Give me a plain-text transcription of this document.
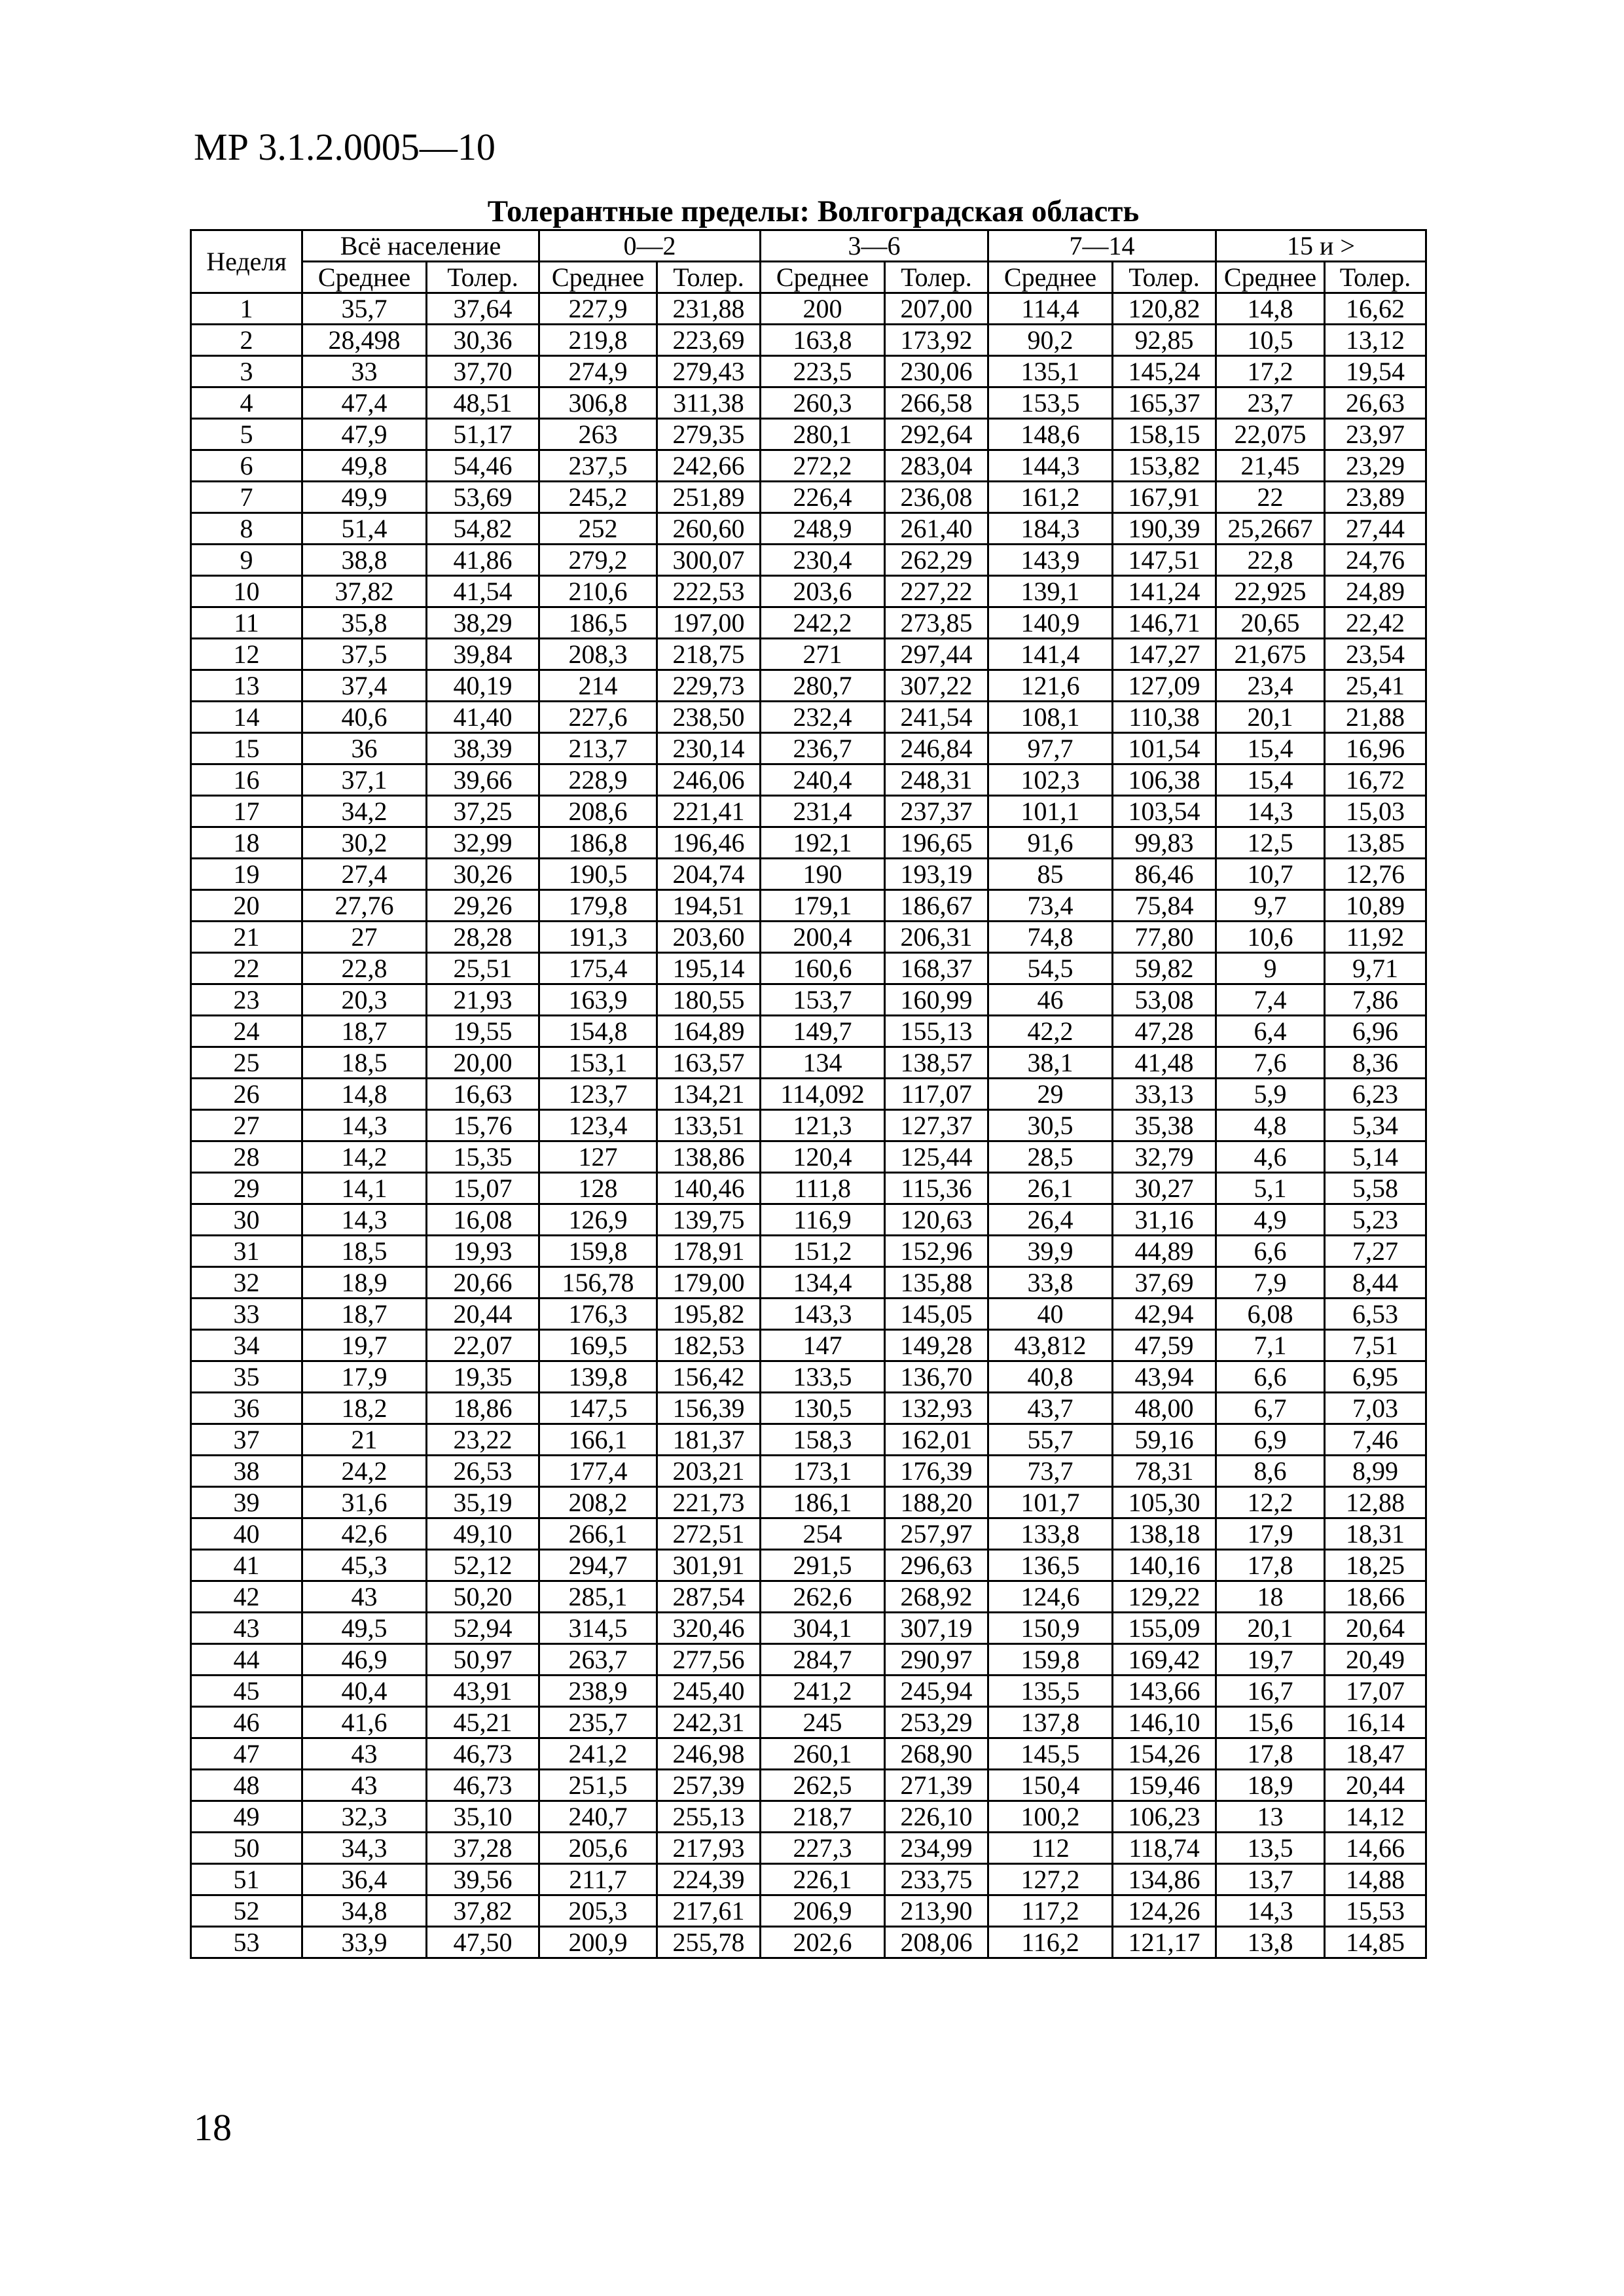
МР 3.1.2.0005—10
Толерантные пределы: Волгоградская область
Неделя	Всё население		0—2		3—6		7—14		15 и >	
	Среднее	Толер.	Среднее	Толер.	Среднее	Толер.	Среднее	Толер.	Среднее	Толер.
1	35,7	37,64	227,9	231,88	200	207,00	114,4	120,82	14,8	16,62
2	28,498	30,36	219,8	223,69	163,8	173,92	90,2	92,85	10,5	13,12
3	33	37,70	274,9	279,43	223,5	230,06	135,1	145,24	17,2	19,54
4	47,4	48,51	306,8	311,38	260,3	266,58	153,5	165,37	23,7	26,63
5	47,9	51,17	263	279,35	280,1	292,64	148,6	158,15	22,075	23,97
6	49,8	54,46	237,5	242,66	272,2	283,04	144,3	153,82	21,45	23,29
7	49,9	53,69	245,2	251,89	226,4	236,08	161,2	167,91	22	23,89
8	51,4	54,82	252	260,60	248,9	261,40	184,3	190,39	25,2667	27,44
9	38,8	41,86	279,2	300,07	230,4	262,29	143,9	147,51	22,8	24,76
10	37,82	41,54	210,6	222,53	203,6	227,22	139,1	141,24	22,925	24,89
11	35,8	38,29	186,5	197,00	242,2	273,85	140,9	146,71	20,65	22,42
12	37,5	39,84	208,3	218,75	271	297,44	141,4	147,27	21,675	23,54
13	37,4	40,19	214	229,73	280,7	307,22	121,6	127,09	23,4	25,41
14	40,6	41,40	227,6	238,50	232,4	241,54	108,1	110,38	20,1	21,88
15	36	38,39	213,7	230,14	236,7	246,84	97,7	101,54	15,4	16,96
16	37,1	39,66	228,9	246,06	240,4	248,31	102,3	106,38	15,4	16,72
17	34,2	37,25	208,6	221,41	231,4	237,37	101,1	103,54	14,3	15,03
18	30,2	32,99	186,8	196,46	192,1	196,65	91,6	99,83	12,5	13,85
19	27,4	30,26	190,5	204,74	190	193,19	85	86,46	10,7	12,76
20	27,76	29,26	179,8	194,51	179,1	186,67	73,4	75,84	9,7	10,89
21	27	28,28	191,3	203,60	200,4	206,31	74,8	77,80	10,6	11,92
22	22,8	25,51	175,4	195,14	160,6	168,37	54,5	59,82	9	9,71
23	20,3	21,93	163,9	180,55	153,7	160,99	46	53,08	7,4	7,86
24	18,7	19,55	154,8	164,89	149,7	155,13	42,2	47,28	6,4	6,96
25	18,5	20,00	153,1	163,57	134	138,57	38,1	41,48	7,6	8,36
26	14,8	16,63	123,7	134,21	114,092	117,07	29	33,13	5,9	6,23
27	14,3	15,76	123,4	133,51	121,3	127,37	30,5	35,38	4,8	5,34
28	14,2	15,35	127	138,86	120,4	125,44	28,5	32,79	4,6	5,14
29	14,1	15,07	128	140,46	111,8	115,36	26,1	30,27	5,1	5,58
30	14,3	16,08	126,9	139,75	116,9	120,63	26,4	31,16	4,9	5,23
31	18,5	19,93	159,8	178,91	151,2	152,96	39,9	44,89	6,6	7,27
32	18,9	20,66	156,78	179,00	134,4	135,88	33,8	37,69	7,9	8,44
33	18,7	20,44	176,3	195,82	143,3	145,05	40	42,94	6,08	6,53
34	19,7	22,07	169,5	182,53	147	149,28	43,812	47,59	7,1	7,51
35	17,9	19,35	139,8	156,42	133,5	136,70	40,8	43,94	6,6	6,95
36	18,2	18,86	147,5	156,39	130,5	132,93	43,7	48,00	6,7	7,03
37	21	23,22	166,1	181,37	158,3	162,01	55,7	59,16	6,9	7,46
38	24,2	26,53	177,4	203,21	173,1	176,39	73,7	78,31	8,6	8,99
39	31,6	35,19	208,2	221,73	186,1	188,20	101,7	105,30	12,2	12,88
40	42,6	49,10	266,1	272,51	254	257,97	133,8	138,18	17,9	18,31
41	45,3	52,12	294,7	301,91	291,5	296,63	136,5	140,16	17,8	18,25
42	43	50,20	285,1	287,54	262,6	268,92	124,6	129,22	18	18,66
43	49,5	52,94	314,5	320,46	304,1	307,19	150,9	155,09	20,1	20,64
44	46,9	50,97	263,7	277,56	284,7	290,97	159,8	169,42	19,7	20,49
45	40,4	43,91	238,9	245,40	241,2	245,94	135,5	143,66	16,7	17,07
46	41,6	45,21	235,7	242,31	245	253,29	137,8	146,10	15,6	16,14
47	43	46,73	241,2	246,98	260,1	268,90	145,5	154,26	17,8	18,47
48	43	46,73	251,5	257,39	262,5	271,39	150,4	159,46	18,9	20,44
49	32,3	35,10	240,7	255,13	218,7	226,10	100,2	106,23	13	14,12
50	34,3	37,28	205,6	217,93	227,3	234,99	112	118,74	13,5	14,66
51	36,4	39,56	211,7	224,39	226,1	233,75	127,2	134,86	13,7	14,88
52	34,8	37,82	205,3	217,61	206,9	213,90	117,2	124,26	14,3	15,53
53	33,9	47,50	200,9	255,78	202,6	208,06	116,2	121,17	13,8	14,85
18
